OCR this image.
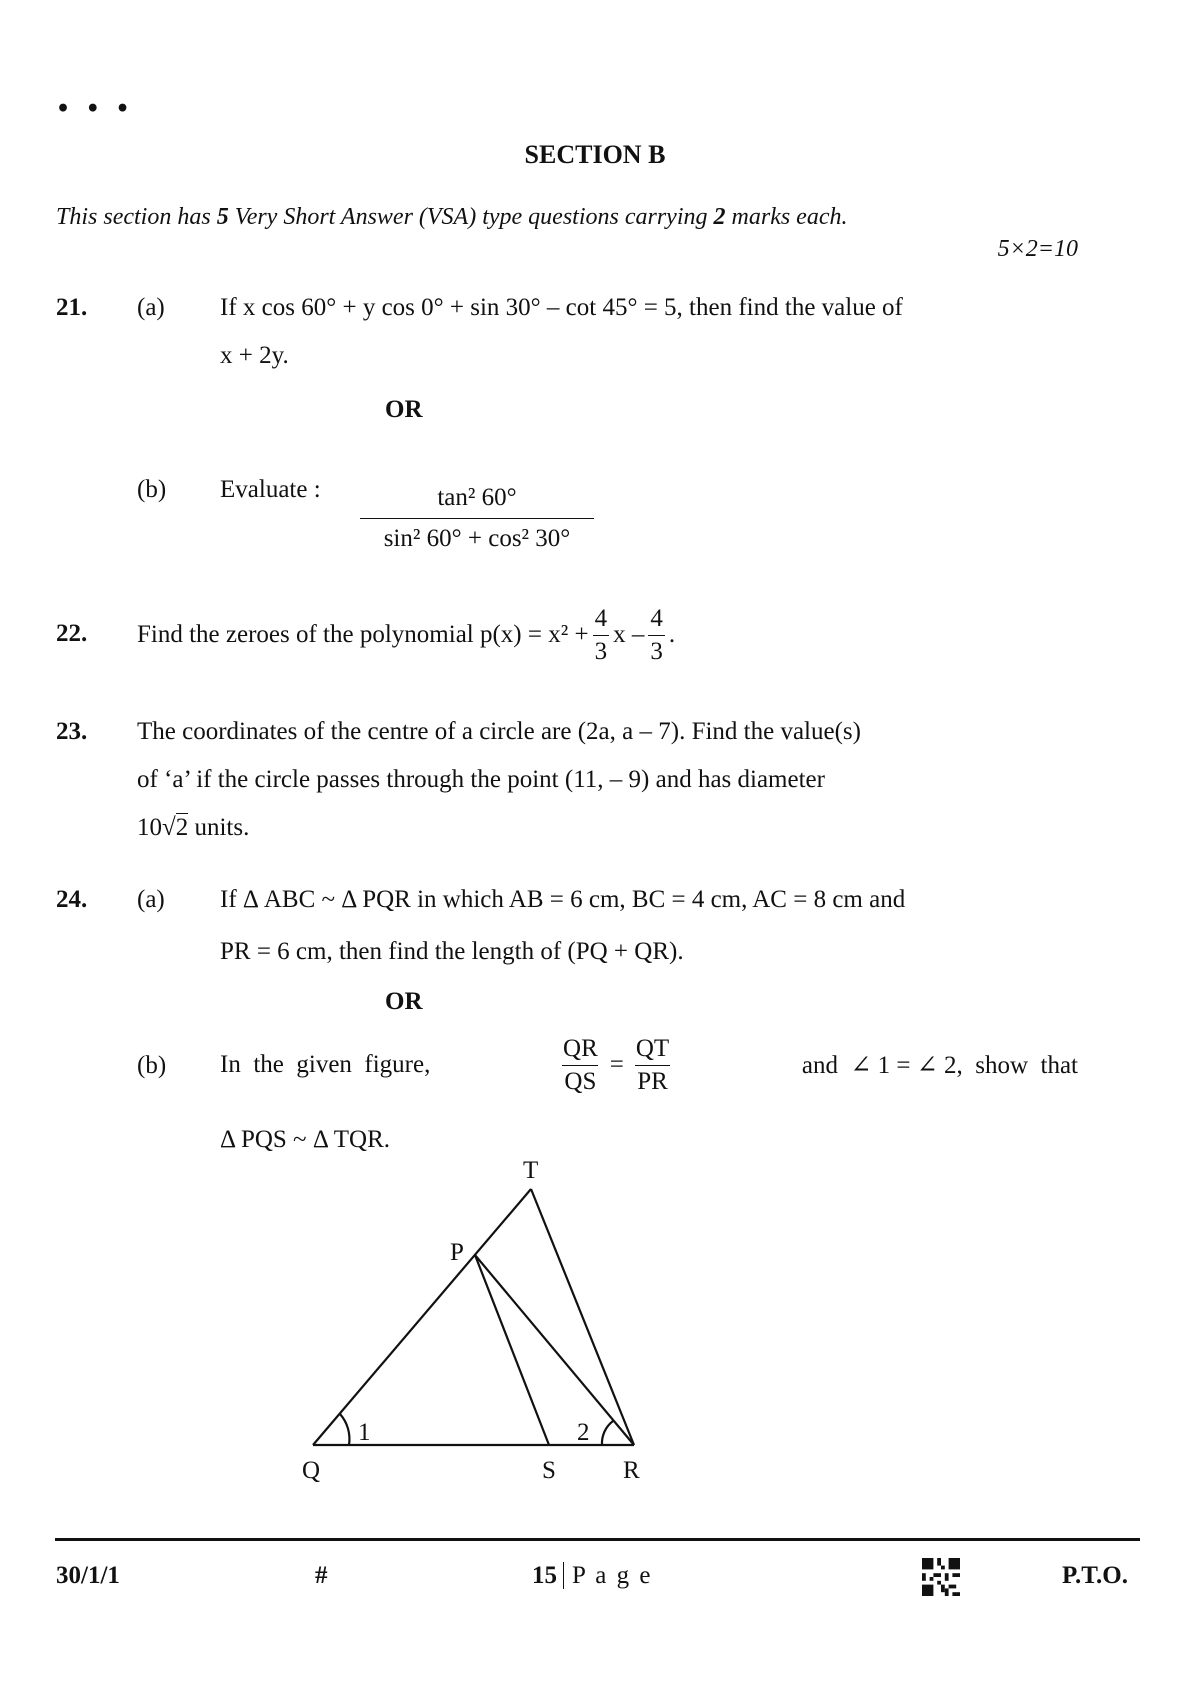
• • •
SECTION B
This section has 5 Very Short Answer (VSA) type questions carrying 2 marks each.
5×2=10
21. (a) If x cos 60° + y cos 0° + sin 30° – cot 45° = 5, then find the value of
x + 2y.
OR
(b) Evaluate : $\frac{\text{tan² 60°}}{\text{sin² 60° + cos² 30°}}$
22. Find the zeroes of the polynomial $p(x) = x^2 + \frac{4}{3}$ x – $\frac{4}{3}$ .
23. The coordinates of the centre of a circle are (2a, a – 7). Find the value(s)
of ‘a’ if the circle passes through the point (11, – 9) and has diameter
10√2 units.
24. (a) If Δ ABC ~ Δ PQR in which AB = 6 cm, BC = 4 cm, AC = 8 cm and
PR = 6 cm, then find the length of (PQ + QR).
OR
(b) In  the  given  figure,	$\frac{QR}{QS} = \frac{QT}{PR}$	and  ∠ 1 = ∠ 2,  show  that
Δ PQS ~ Δ TQR.
T
P
Q	S	R
1	2
30/1/1	#	15 P a g e	P.T.O.
